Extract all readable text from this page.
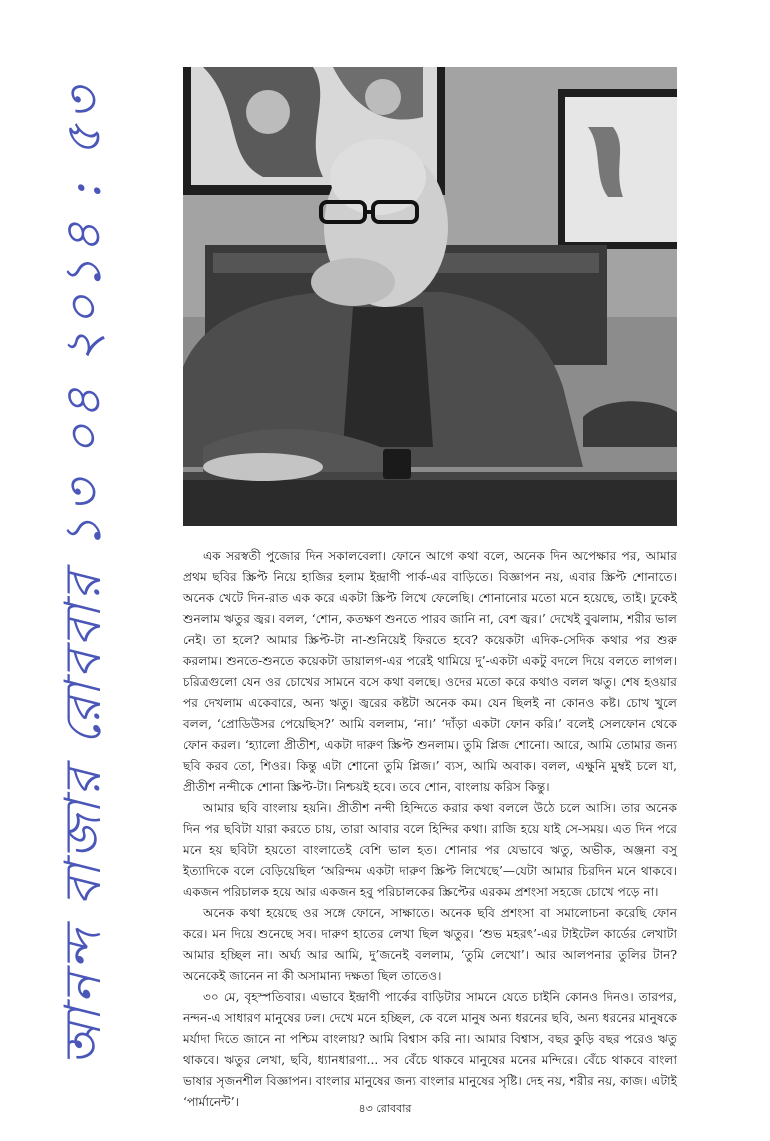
আনন্দ বাজার রোববার ১৩ ০৪ ২০১৪ : ৫৩	এক সরস্বতী পুজোর দিন সকালবেলা। ফোনে আগে কথা বলে, অনেক দিন অপেক্ষার পর, আমার প্রথম ছবির স্ক্রিপ্ট নিয়ে হাজির হলাম ইন্দ্রাণী পার্ক-এর বাড়িতে। বিজ্ঞাপন নয়, এবার স্ক্রিপ্ট শোনাতে। অনেক খেটে দিন-রাত এক করে একটা স্ক্রিপ্ট লিখে ফেলেছি। শোনানোর মতো মনে হয়েছে, তাই। ঢুকেই শুনলাম ঋতুর জ্বর। বলল, ‘শোন, কতক্ষণ শুনতে পারব জানি না, বেশ জ্বর।’ দেখেই বুঝলাম, শরীর ভাল নেই। তা হলে? আমার স্ক্রিপ্ট-টা না-শুনিয়েই ফিরতে হবে? কয়েকটা এদিক-সেদিক কথার পর শুরু করলাম। শুনতে-শুনতে কয়েকটা ডায়ালগ-এর পরেই থামিয়ে দু’-একটা একটু বদলে দিয়ে বলতে লাগল। চরিত্রগুলো যেন ওর চোখের সামনে বসে কথা বলছে। ওদের মতো করে কথাও বলল ঋতু। শেষ হওয়ার পর দেখলাম একেবারে, অন্য ঋতু। জ্বরের কষ্টটা অনেক কম। যেন ছিলই না কোনও কষ্ট। চোখ খুলে বলল, ‘প্রোডিউসর পেয়েছিস?’ আমি বললাম, ‘না।’ ‘দাঁড়া একটা ফোন করি।’ বলেই সেলফোন থেকে ফোন করল। ‘হ্যালো প্রীতীশ, একটা দারুণ স্ক্রিপ্ট শুনলাম। তুমি প্লিজ শোনো। আরে, আমি তোমার জন্য ছবি করব তো, শিওর। কিন্তু এটা শোনো তুমি প্লিজ।’ ব্যস, আমি অবাক। বলল, এক্ষুনি মুম্বই চলে যা, প্রীতীশ নন্দীকে শোনা স্ক্রিপ্ট-টা। নিশ্চয়ই হবে। তবে শোন, বাংলায় করিস কিন্তু।

আমার ছবি বাংলায় হয়নি। প্রীতীশ নন্দী হিন্দিতে করার কথা বললে উঠে চলে আসি। তার অনেক দিন পর ছবিটা যারা করতে চায়, তারা আবার বলে হিন্দির কথা। রাজি হয়ে যাই সে-সময়। এত দিন পরে মনে হয় ছবিটা হয়তো বাংলাতেই বেশি ভাল হত। শোনার পর যেভাবে ঋতু, অভীক, অঞ্জনা বসু ইত্যাদিকে বলে বেড়িয়েছিল ‘অরিন্দম একটা দারুণ স্ক্রিপ্ট লিখেছে’—যেটা আমার চিরদিন মনে থাকবে। একজন পরিচালক হয়ে আর একজন হবু পরিচালকের স্ক্রিপ্টের এরকম প্রশংসা সহজে চোখে পড়ে না।

অনেক কথা হয়েছে ওর সঙ্গে ফোনে, সাক্ষাতে। অনেক ছবি প্রশংসা বা সমালোচনা করেছি ফোন করে। মন দিয়ে শুনেছে সব। দারুণ হাতের লেখা ছিল ঋতুর। ‘শুভ মহরৎ’-এর টাইটেল কার্ডের লেখাটা আমার হচ্ছিল না। অর্ঘ্য আর আমি, দু’জনেই বললাম, ‘তুমি লেখো’। আর আলপনার তুলির টান? অনেকেই জানেন না কী অসামান্য দক্ষতা ছিল তাতেও।

৩০ মে, বৃহস্পতিবার। এভাবে ইন্দ্রাণী পার্কের বাড়িটার সামনে যেতে চাইনি কোনও দিনও। তারপর, নন্দন-এ সাধারণ মানুষের ঢল। দেখে মনে হচ্ছিল, কে বলে মানুষ অন্য ধরনের ছবি, অন্য ধরনের মানুষকে মর্যাদা দিতে জানে না পশ্চিম বাংলায়? আমি বিশ্বাস করি না। আমার বিশ্বাস, বছর কুড়ি বছর পরেও ঋতু থাকবে। ঋতুর লেখা, ছবি, ধ্যানধারণা... সব বেঁচে থাকবে মানুষের মনের মন্দিরে। বেঁচে থাকবে বাংলা ভাষার সৃজনশীল বিজ্ঞাপন। বাংলার মানুষের জন্য বাংলার মানুষের সৃষ্টি। দেহ নয়, শরীর নয়, কাজ। এটাই ‘পার্মানেন্ট’।	৪৩ রোববার
